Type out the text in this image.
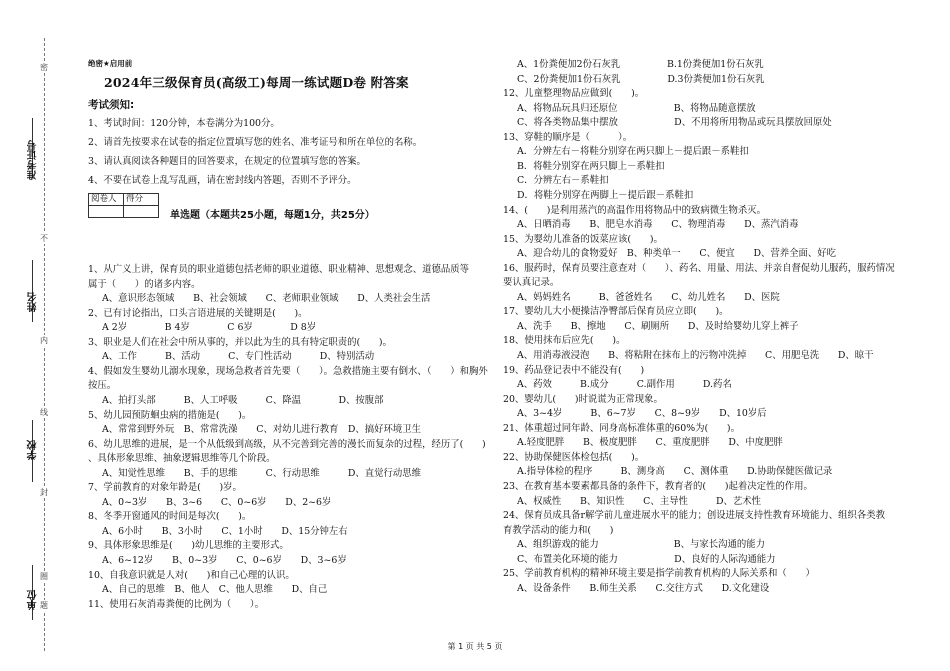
准考证号
姓名
学校
单位
密
不
内
线
封
圈
题
绝密★启用前
2024年三级保育员(高级工)每周一练试题D卷 附答案
考试须知:
1、考试时间：120分钟，本卷满分为100分。
2、请首先按要求在试卷的指定位置填写您的姓名、准考证号和所在单位的名称。
3、请认真阅读各种题目的回答要求，在规定的位置填写您的答案。
4、不要在试卷上乱写乱画，请在密封线内答题，否则不予评分。
阅卷人	得分

单选题（本题共25小题，每题1分，共25分）
1、从广义上讲，保育员的职业道德包括老师的职业道德、职业精神、思想观念、道德品质等
属于（　　）的诸多内容。
A、意识形态领域　　B、社会领域　　C、老师职业领域　　D、人类社会生活
2、已有讨论指出，口头言语进展的关键期是(　　)。
A 2岁　　　　B 4岁　　　　C 6岁　　　　D 8岁
3、职业是人们在社会中所从事的，并以此为生的具有特定职责的(　　)。
A、工作　　　B、活动　　　C、专门性活动　　　D、特别活动
4、假如发生婴幼儿溺水现象，现场急救者首先要（　　）。急救措施主要有倒水、（　　）和胸外
按压。
A、拍打头部　　　B、人工呼吸　　　C、降温　　　　D、按腹部
5、幼儿园预防蛔虫病的措施是(　　)。
A、常常到野外玩　B、常常洗澡　　C、对幼儿进行教育　D、搞好环境卫生
6、幼儿思维的进展，是一个从低级到高级，从不完善到完善的漫长而复杂的过程，经历了(　　)
、具体形象思维、抽象逻辑思维等几个阶段。
A、知觉性思维　　B、手的思维　　　C、行动思维　　　D、直觉行动思维
7、学前教育的对象年龄是(　　)岁。
A、0~3岁　　B、3~6　　C、0~6岁　　D、2~6岁
8、冬季开窗通风的时间是每次(　　)。
A、6小时　　B、3小时　　C、1小时　　D、15分钟左右
9、具体形象思维是(　　)幼儿思维的主要形式。
A、6~12岁　　B、0~3岁　　C、0~6岁　　D、3~6岁
10、自我意识就是人对(　　)和自己心理的认识。
A、自己的思维　B、他人　C、他人思维　　D、自己
11、使用石灰消毒粪便的比例为（　　）。
A、1份粪便加2份石灰乳　　　　　B.1份粪便加1份石灰乳
C、2份粪便加1份石灰乳　　　　　D.3份粪便加1份石灰乳
12、儿童整理物品应做到(　　)。
A、将物品玩具归还原位　　　　　　B、将物品随意摆放
C、将各类物品集中摆放　　　　　　D、不用将所用物品或玩具摆放回原处
13、穿鞋的顺序是（　　　）。
A．分辨左右－将鞋分别穿在两只脚上－提后跟－系鞋扣
B．将鞋分别穿在两只脚上－系鞋扣
C．分辨左右－系鞋扣
D．将鞋分别穿在两脚上－提后跟－系鞋扣
14、(　　)是利用蒸汽的高温作用将物品中的致病微生物杀灭。
A、日晒消毒　　B、肥皂水消毒　　C、物理消毒　　D、蒸汽消毒
15、为婴幼儿准备的饭菜应该(　　)。
A、迎合幼儿的食物爱好　B、种类单一　　C、便宜　　D、营养全面、好吃
16、服药时，保育员要注意查对（　　）、药名、用量、用法、并亲自督促幼儿服药，服药情况
要认真记录。
A、妈妈姓名　　　B、爸爸姓名　　C、幼儿姓名　　D、医院
17、婴幼儿大小便操洁净臀部后保育员应立即(　　)。
A、洗手　　B、擦地　　C、刷厕所　　D、及时给婴幼儿穿上裤子
18、使用抹布后应先(　　)。
A、用消毒液浸泡　　B、将粘附在抹布上的污物冲洗掉　　C、用肥皂洗　　D、晾干
19、药品登记表中不能没有(　　)
A、药效　　　B.成分　　　C.副作用　　　D.药名
20、婴幼儿(　　)时说谎为正常现象。
A、3~4岁　　　B、6~7岁　　C、8~9岁　　D、10岁后
21、体重超过同年龄、同身高标准体重的60%为(　　)。
A.轻度肥胖　　B、极度肥胖　　C、重度肥胖　　D、中度肥胖
22、协助保健医体检包括(　　)。
A.指导体检的程序　　　B、测身高　　C、测体重　　D.协助保健医做记录
23、在教育基本要素都具备的条件下，教育者的(　　)起着决定性的作用。
A、权威性　　B、知识性　　C、主导性　　　D、艺术性
24、保育员成具备r解学前儿童进展水平的能力；创设进展支持性教育环境能力、组织各类教
育教学活动的能力和(　　)
A、组织游戏的能力　　　　　　　　B、与家长沟通的能力
C、布置美化环境的能力　　　　　　D、良好的人际沟通能力
25、学前教育机构的精神环境主要是指学前教育机构的人际关系和（　　）
A、设备条件　　B.师生关系　　C.交往方式　　D.文化建设
第 1 页 共 5 页
